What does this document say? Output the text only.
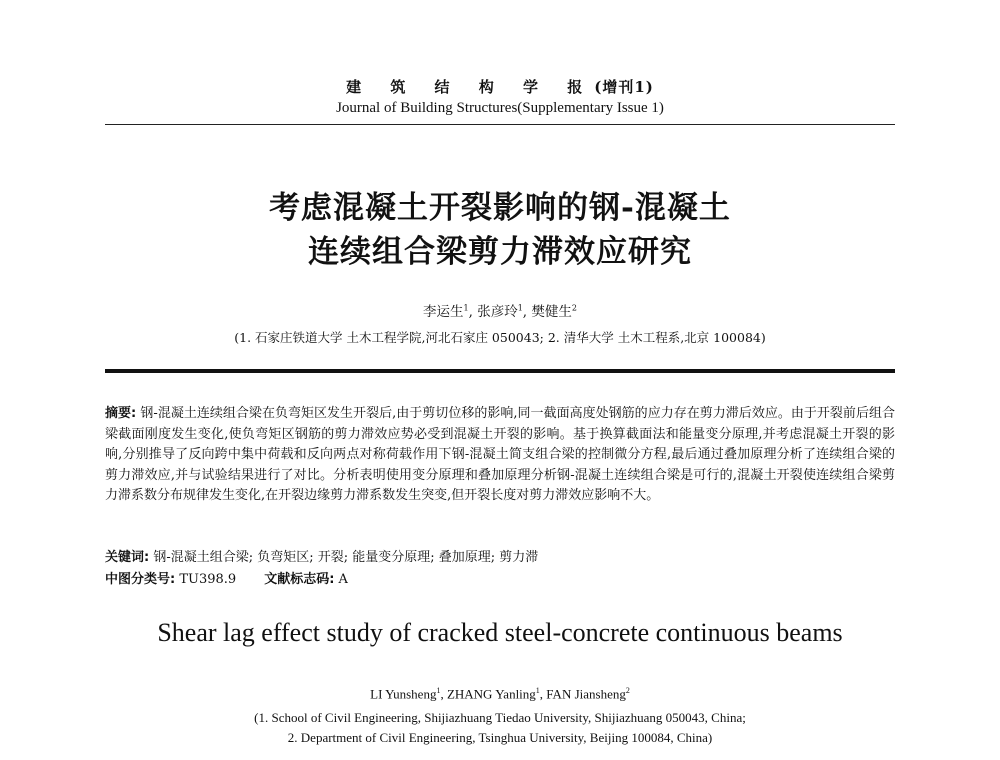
建 筑 结 构 学 报(增刊1)
Journal of Building Structures(Supplementary Issue 1)
考虑混凝土开裂影响的钢-混凝土
连续组合梁剪力滞效应研究
李运生$^1$, 张彦玲$^1$, 樊健生$^2$
(1. 石家庄铁道大学 土木工程学院,河北石家庄 050043; 2. 清华大学 土木工程系,北京 100084)
摘要: 钢-混凝土连续组合梁在负弯矩区发生开裂后,由于剪切位移的影响,同一截面高度处钢筋的应力存在剪力滞后效应。由于开裂前后组合梁截面刚度发生变化,使负弯矩区钢筋的剪力滞效应势必受到混凝土开裂的影响。基于换算截面法和能量变分原理,并考虑混凝土开裂的影响,分别推导了反向跨中集中荷载和反向两点对称荷载作用下钢-混凝土简支组合梁的控制微分方程,最后通过叠加原理分析了连续组合梁的剪力滞效应,并与试验结果进行了对比。分析表明使用变分原理和叠加原理分析钢-混凝土连续组合梁是可行的,混凝土开裂使连续组合梁剪力滞系数分布规律发生变化,在开裂边缘剪力滞系数发生突变,但开裂长度对剪力滞效应影响不大。
关键词: 钢-混凝土组合梁; 负弯矩区; 开裂; 能量变分原理; 叠加原理; 剪力滞
中图分类号: TU398.9 文献标志码: A
Shear lag effect study of cracked steel-concrete continuous beams
LI Yunsheng$^1$, ZHANG Yanling$^1$, FAN Jiansheng$^2$
(1. School of Civil Engineering, Shijiazhuang Tiedao University, Shijiazhuang 050043, China;
2. Department of Civil Engineering, Tsinghua University, Beijing 100084, China)
